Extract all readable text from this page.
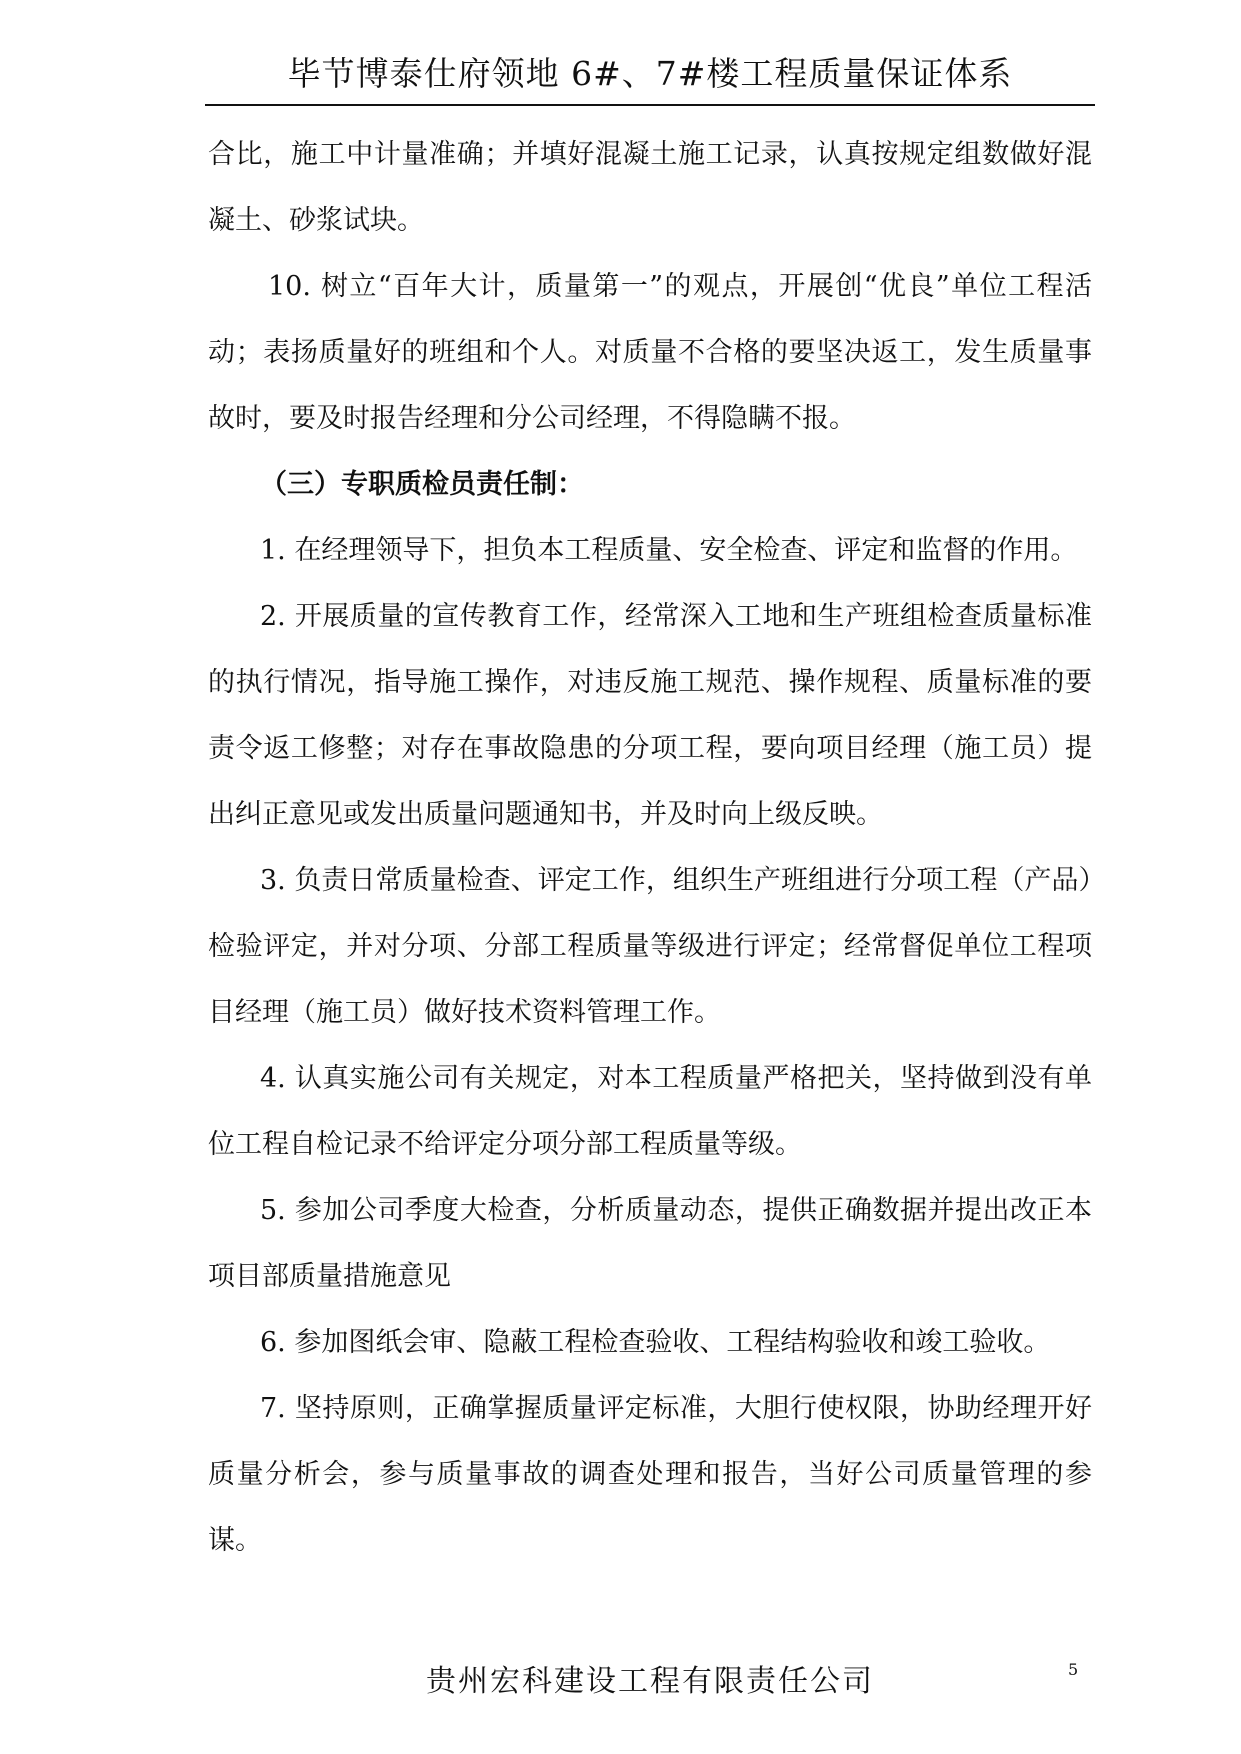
毕节博泰仕府领地 6#、7#楼工程质量保证体系

合比，施工中计量准确；并填好混凝土施工记录，认真按规定组数做好混凝土、砂浆试块。

10. 树立“百年大计，质量第一”的观点，开展创“优良”单位工程活动；表扬质量好的班组和个人。对质量不合格的要坚决返工，发生质量事故时，要及时报告经理和分公司经理，不得隐瞒不报。

（三）专职质检员责任制：

1. 在经理领导下，担负本工程质量、安全检查、评定和监督的作用。

2. 开展质量的宣传教育工作，经常深入工地和生产班组检查质量标准的执行情况，指导施工操作，对违反施工规范、操作规程、质量标准的要责令返工修整；对存在事故隐患的分项工程，要向项目经理（施工员）提出纠正意见或发出质量问题通知书，并及时向上级反映。

3. 负责日常质量检查、评定工作，组织生产班组进行分项工程（产品）检验评定，并对分项、分部工程质量等级进行评定；经常督促单位工程项目经理（施工员）做好技术资料管理工作。

4. 认真实施公司有关规定，对本工程质量严格把关，坚持做到没有单位工程自检记录不给评定分项分部工程质量等级。

5. 参加公司季度大检查，分析质量动态，提供正确数据并提出改正本项目部质量措施意见

6. 参加图纸会审、隐蔽工程检查验收、工程结构验收和竣工验收。

7. 坚持原则，正确掌握质量评定标准，大胆行使权限，协助经理开好质量分析会，参与质量事故的调查处理和报告，当好公司质量管理的参谋。

贵州宏科建设工程有限责任公司	5
